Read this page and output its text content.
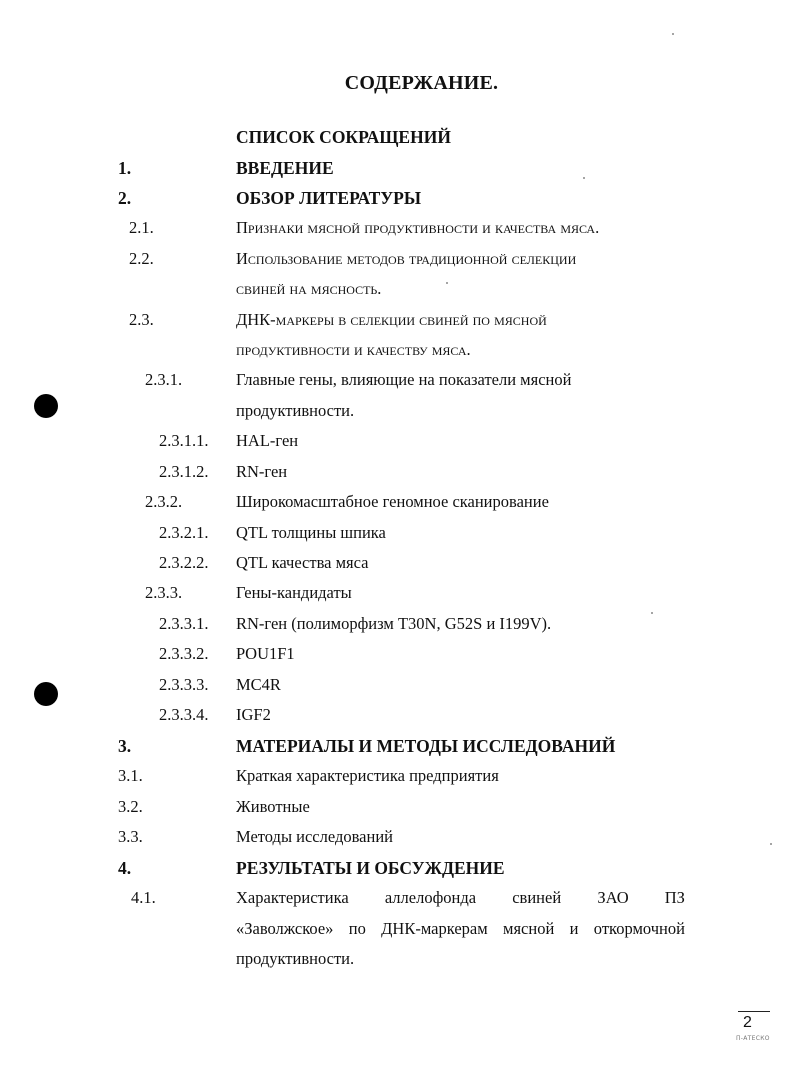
СОДЕРЖАНИЕ.
СПИСОК СОКРАЩЕНИЙ
1.	ВВЕДЕНИЕ
2.	ОБЗОР ЛИТЕРАТУРЫ
2.1.	Признаки мясной продуктивности и качества мяса.
2.2.	Использование методов традиционной селекции
свиней на мясность.
2.3.	ДНК-маркеры в селекции свиней по мясной
продуктивности и качеству мяса.
2.3.1.	Главные гены, влияющие на показатели мясной
продуктивности.
2.3.1.1. HAL-ген
2.3.1.2. RN-ген
2.3.2.	Широкомасштабное геномное сканирование
2.3.2.1. QTL толщины шпика
2.3.2.2. QTL качества мяса
2.3.3.	Гены-кандидаты
2.3.3.1. RN-ген (полиморфизм T30N, G52S и I199V).
2.3.3.2. POU1F1
2.3.3.3. MC4R
2.3.3.4. IGF2
3.	МАТЕРИАЛЫ И МЕТОДЫ ИССЛЕДОВАНИЙ
3.1.	Краткая характеристика предприятия
3.2.	Животные
3.3.	Методы исследований
4.	РЕЗУЛЬТАТЫ И ОБСУЖДЕНИЕ
4.1.	Характеристика аллелофонда свиней ЗАО ПЗ
«Заволжское» по ДНК-маркерам мясной и откормочной
продуктивности.
2
П-АТЕСКО
